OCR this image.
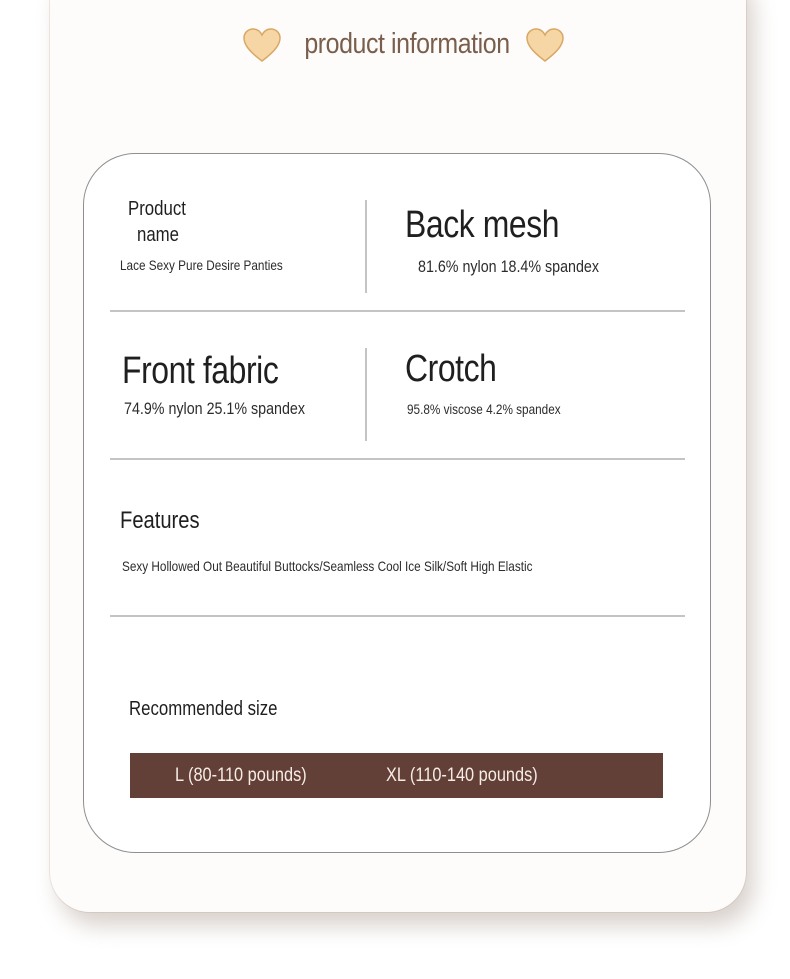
product information
Product
name
Lace Sexy Pure Desire Panties
Back mesh
81.6% nylon 18.4% spandex
Front fabric
74.9% nylon 25.1% spandex
Crotch
95.8% viscose 4.2% spandex
Features
Sexy Hollowed Out Beautiful Buttocks/Seamless Cool Ice Silk/Soft High Elastic
Recommended size
L (80-110 pounds)	XL (110-140 pounds)
